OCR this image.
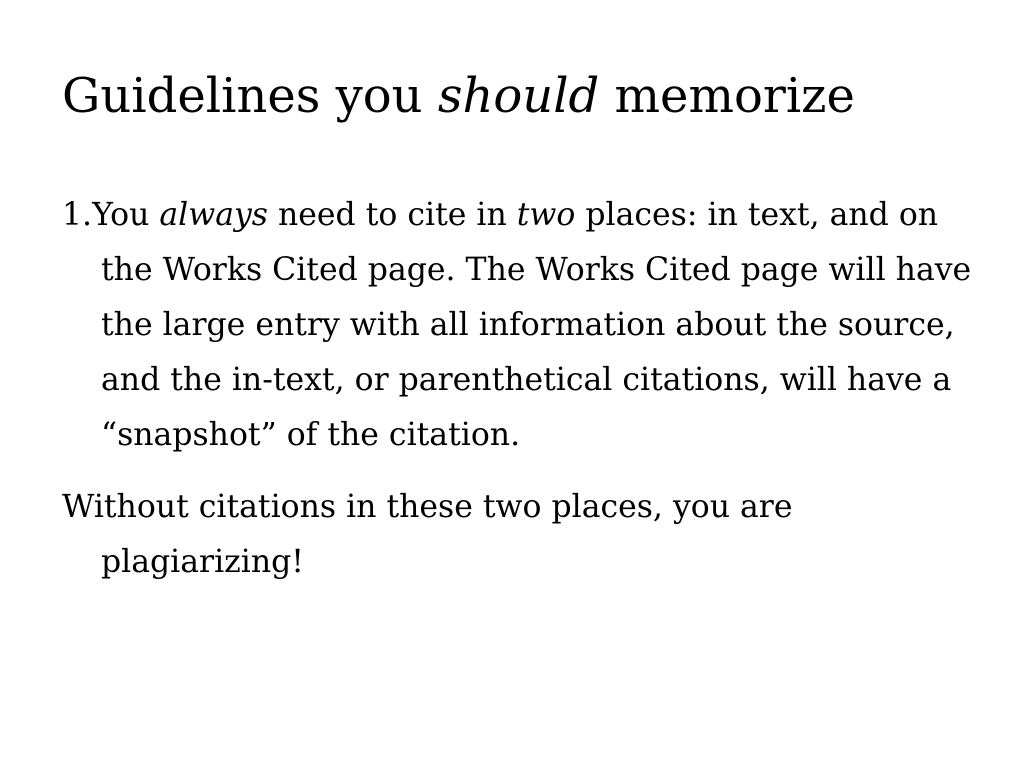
Guidelines you should memorize

1.You always need to cite in two places: in text, and on the Works Cited page. The Works Cited page will have the large entry with all information about the source, and the in-text, or parenthetical citations, will have a “snapshot” of the citation.

Without citations in these two places, you are plagiarizing!
